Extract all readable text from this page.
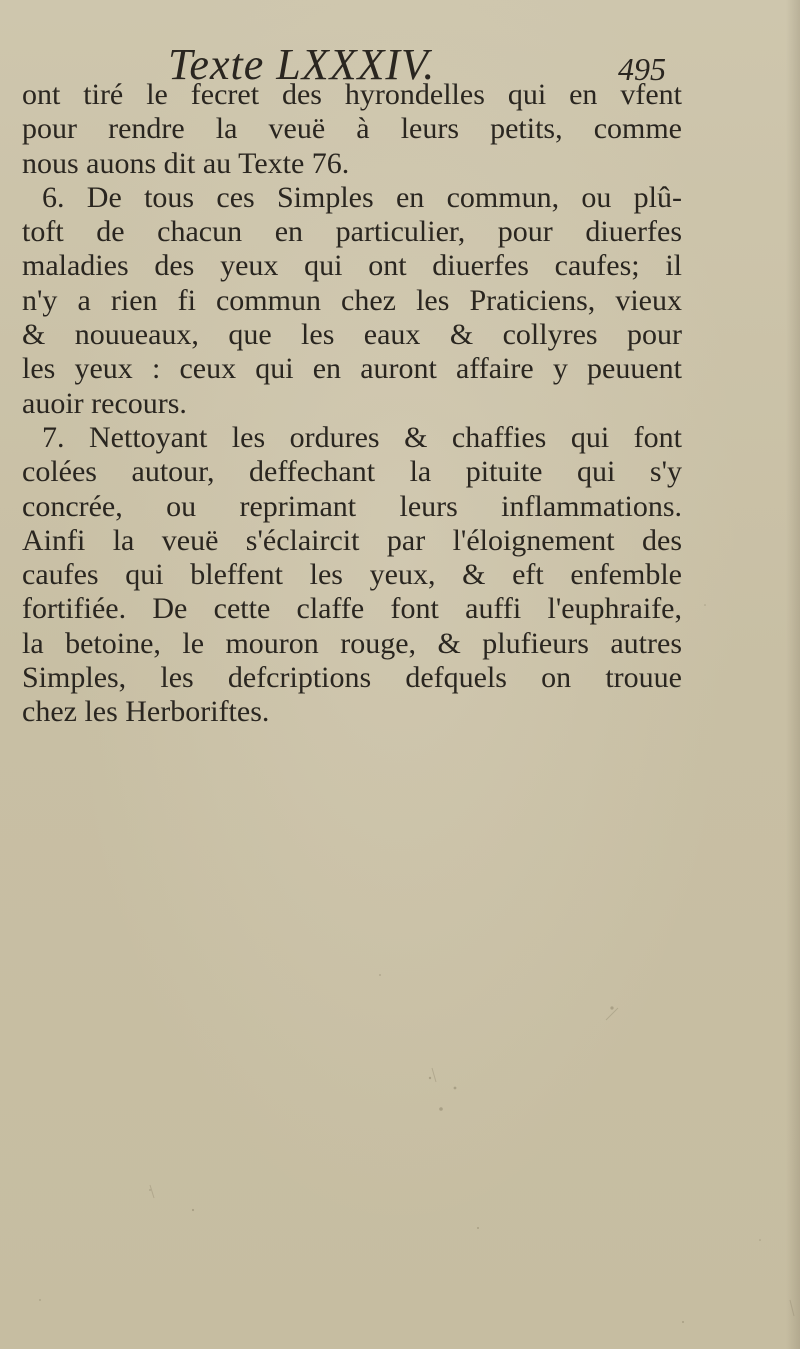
Texte LXXXIV.	495
ont tiré le fecret des hyrondelles qui en vfent
pour rendre la veuë à leurs petits, comme
nous auons dit au Texte 76.
6. De tous ces Simples en commun, ou plû-
toft de chacun en particulier, pour diuerfes
maladies des yeux qui ont diuerfes caufes; il
n'y a rien fi commun chez les Praticiens, vieux
& nouueaux, que les eaux & collyres pour
les yeux : ceux qui en auront affaire y peuuent
auoir recours.
7. Nettoyant les ordures & chaffies qui font
colées autour, deffechant la pituite qui s'y
concrée, ou reprimant leurs inflammations.
Ainfi la veuë s'éclaircit par l'éloignement des
caufes qui bleffent les yeux, & eft enfemble
fortifiée. De cette claffe font auffi l'euphraife,
la betoine, le mouron rouge, & plufieurs autres
Simples, les defcriptions defquels on trouue
chez les Herboriftes.
